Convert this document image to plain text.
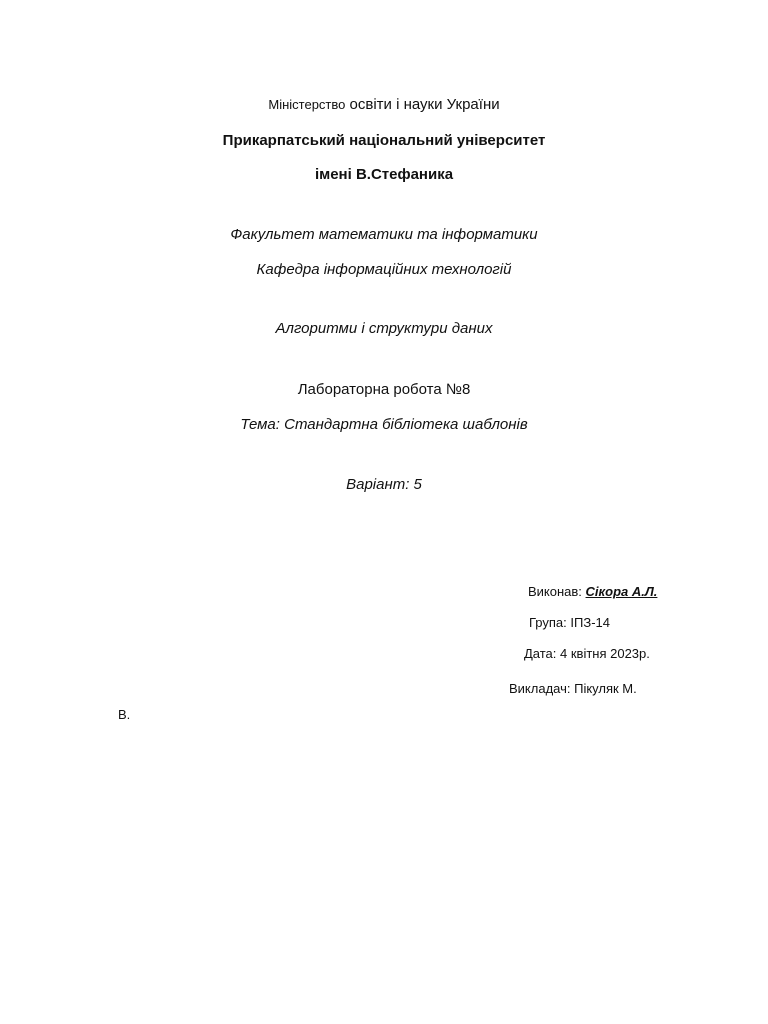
Міністерство освіти і науки України
Прикарпатський національний університет
імені В.Стефаника
Факультет математики та інформатики
Кафедра інформаційних технологій
Алгоритми і структури даних
Лабораторна робота №8
Тема: Стандартна бібліотека шаблонів
Варіант: 5
Виконав: Сікора А.Л.
Група: ІПЗ-14
Дата: 4 квітня 2023р.
Викладач: Пікуляк М.
В.
